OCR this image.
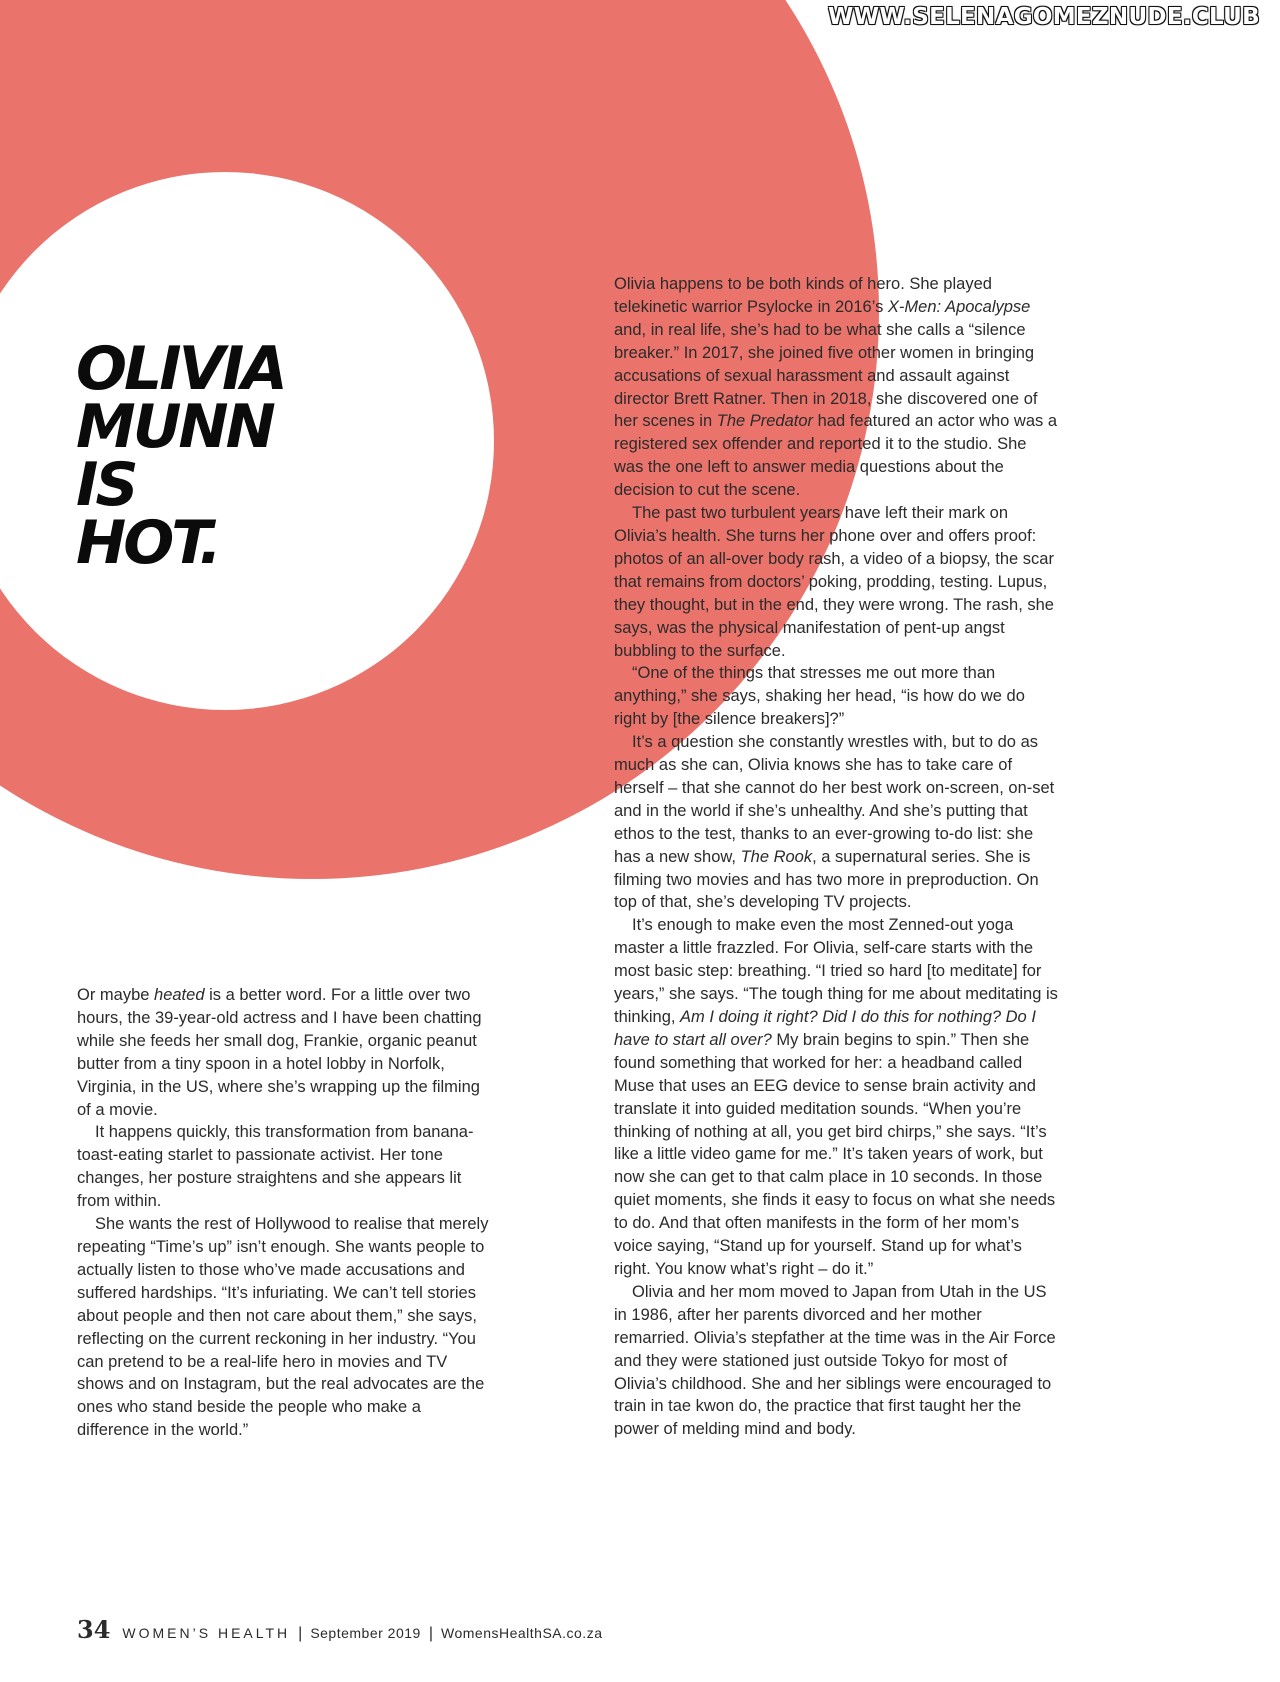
WWW.SELENAGOMEZNUDE.CLUB
OLIVIA
MUNN
IS
HOT.

Or maybe heated is a better word. For a little over two hours, the 39-year-old actress and I have been chatting while she feeds her small dog, Frankie, organic peanut butter from a tiny spoon in a hotel lobby in Norfolk, Virginia, in the US, where she’s wrapping up the filming of a movie.

It happens quickly, this transformation from banana-toast-eating starlet to passionate activist. Her tone changes, her posture straightens and she appears lit from within.

She wants the rest of Hollywood to realise that merely repeating “Time’s up” isn’t enough. She wants people to actually listen to those who’ve made accusations and suffered hardships. “It’s infuriating. We can’t tell stories about people and then not care about them,” she says, reflecting on the current reckoning in her industry. “You can pretend to be a real-life hero in movies and TV shows and on Instagram, but the real advocates are the ones who stand beside the people who make a difference in the world.”

Olivia happens to be both kinds of hero. She played telekinetic warrior Psylocke in 2016’s X-Men: Apocalypse and, in real life, she’s had to be what she calls a “silence breaker.” In 2017, she joined five other women in bringing accusations of sexual harassment and assault against director Brett Ratner. Then in 2018, she discovered one of her scenes in The Predator had featured an actor who was a registered sex offender and reported it to the studio. She was the one left to answer media questions about the decision to cut the scene.

The past two turbulent years have left their mark on Olivia’s health. She turns her phone over and offers proof: photos of an all-over body rash, a video of a biopsy, the scar that remains from doctors’ poking, prodding, testing. Lupus, they thought, but in the end, they were wrong. The rash, she says, was the physical manifestation of pent-up angst bubbling to the surface.

“One of the things that stresses me out more than anything,” she says, shaking her head, “is how do we do right by [the silence breakers]?”

It’s a question she constantly wrestles with, but to do as much as she can, Olivia knows she has to take care of herself – that she cannot do her best work on-screen, on-set and in the world if she’s unhealthy. And she’s putting that ethos to the test, thanks to an ever-growing to-do list: she has a new show, The Rook, a supernatural series. She is filming two movies and has two more in preproduction. On top of that, she’s developing TV projects.

It’s enough to make even the most Zenned-out yoga master a little frazzled. For Olivia, self-care starts with the most basic step: breathing. “I tried so hard [to meditate] for years,” she says. “The tough thing for me about meditating is thinking, Am I doing it right? Did I do this for nothing? Do I have to start all over? My brain begins to spin.” Then she found something that worked for her: a headband called Muse that uses an EEG device to sense brain activity and translate it into guided meditation sounds. “When you’re thinking of nothing at all, you get bird chirps,” she says. “It’s like a little video game for me.” It’s taken years of work, but now she can get to that calm place in 10 seconds. In those quiet moments, she finds it easy to focus on what she needs to do. And that often manifests in the form of her mom’s voice saying, “Stand up for yourself. Stand up for what’s right. You know what’s right – do it.”

Olivia and her mom moved to Japan from Utah in the US in 1986, after her parents divorced and her mother remarried. Olivia’s stepfather at the time was in the Air Force and they were stationed just outside Tokyo for most of Olivia’s childhood. She and her siblings were encouraged to train in tae kwon do, the practice that first taught her the power of melding mind and body.

34 WOMEN’S HEALTH | September 2019 | WomensHealthSA.co.za
